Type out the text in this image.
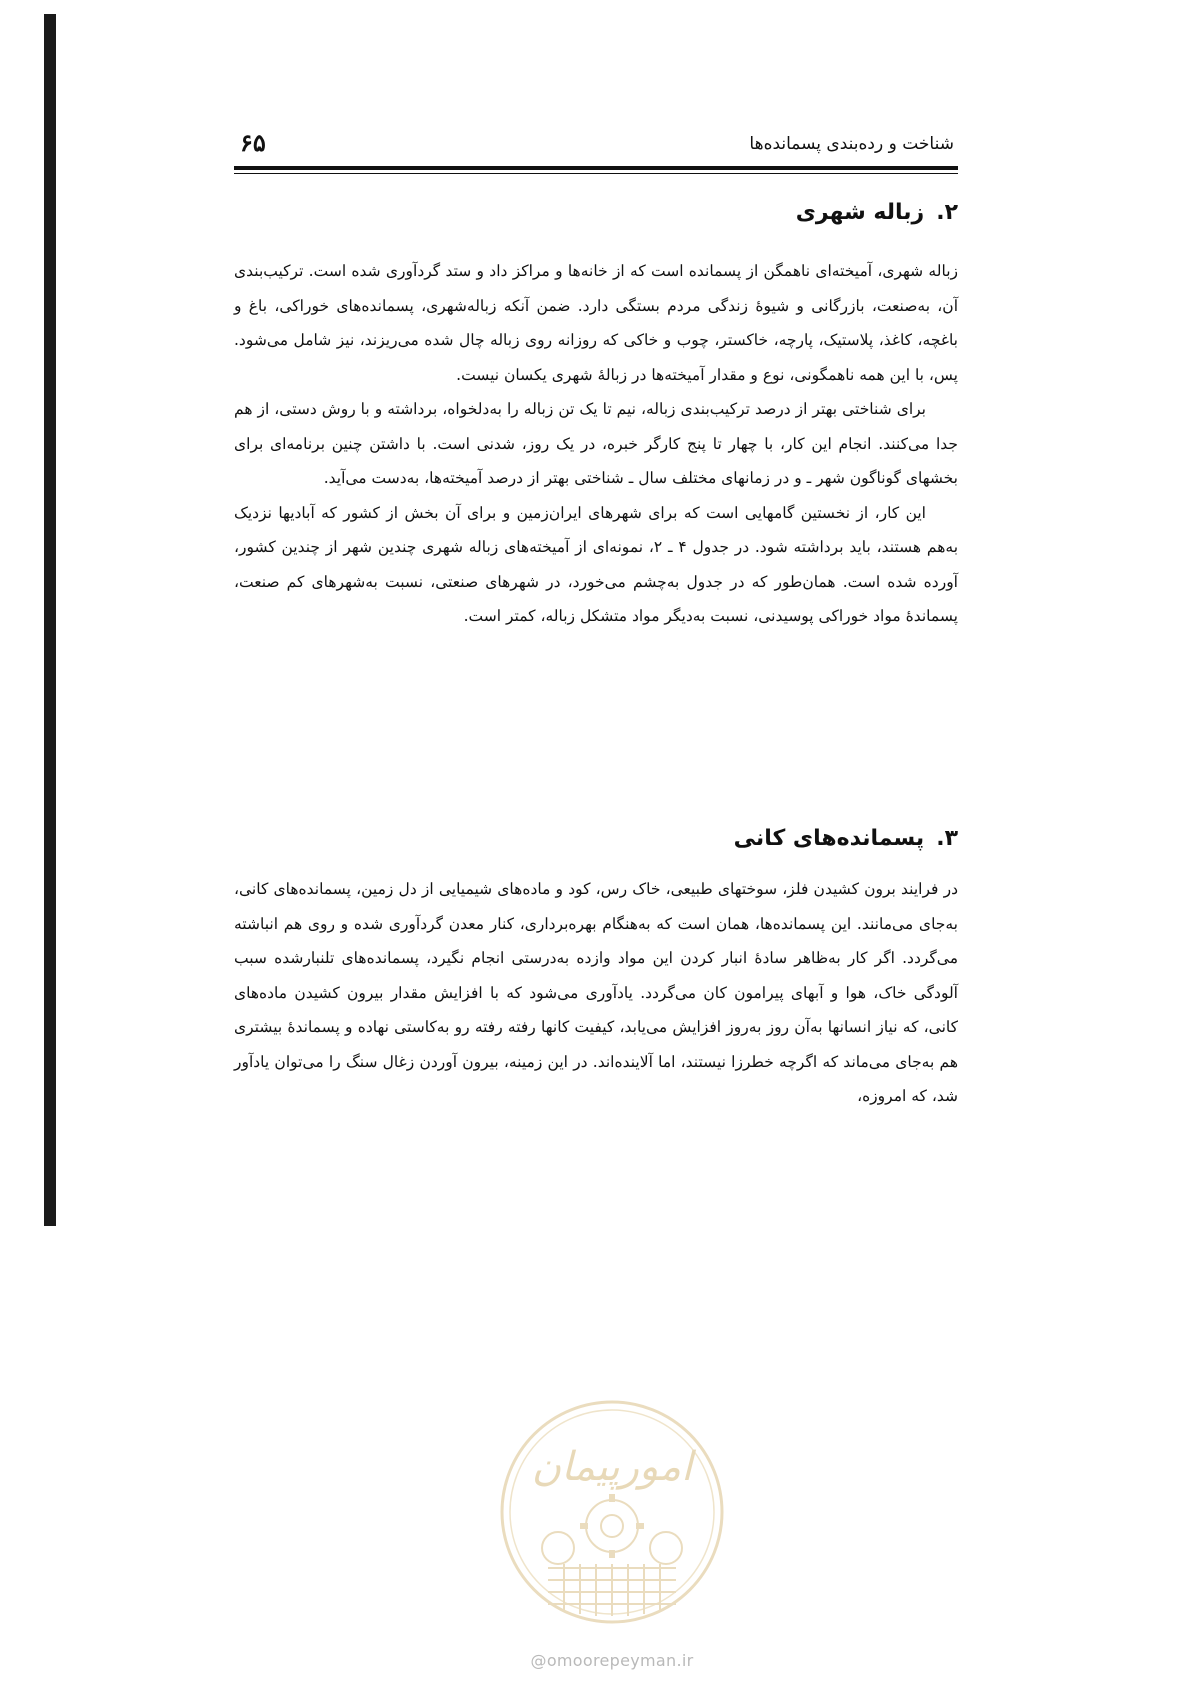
۶۵	شناخت و رده‌بندی پسمانده‌ها
۲.زباله شهری

زباله شهری، آمیخته‌ای ناهمگن از پسمانده است که از خانه‌ها و مراکز داد و ستد گردآوری شده است. ترکیب‌بندی آن، به‌صنعت، بازرگانی و شیوهٔ زندگی مردم بستگی دارد. ضمن آنکه زباله‌شهری، پسمانده‌های خوراکی، باغ و باغچه، کاغذ، پلاستیک، پارچه، خاکستر، چوب و خاکی که روزانه روی زباله چال شده می‌ریزند، نیز شامل می‌شود. پس، با این همه ناهمگونی، نوع و مقدار آمیخته‌ها در زبالهٔ شهری یکسان نیست.

برای شناختی بهتر از درصد ترکیب‌بندی زباله، نیم تا یک تن زباله را به‌دلخواه، برداشته و با روش دستی، از هم جدا می‌کنند. انجام این کار، با چهار تا پنج کارگر خبره، در یک روز، شدنی است. با داشتن چنین برنامه‌ای برای بخشهای گوناگون شهر ـ و در زمانهای مختلف سال ـ شناختی بهتر از درصد آمیخته‌ها، به‌دست می‌آید.

این کار، از نخستین گامهایی است که برای شهرهای ایران‌زمین و برای آن بخش از کشور که آبادیها نزدیک به‌هم هستند، باید برداشته شود. در جدول ۴ ـ ۲، نمونه‌ای از آمیخته‌های زباله شهری چندین شهر از چندین کشور، آورده شده است. همان‌طور که در جدول به‌چشم می‌خورد، در شهرهای صنعتی، نسبت به‌شهرهای کم صنعت، پسماندهٔ مواد خوراکی پوسیدنی، نسبت به‌دیگر مواد متشکل زباله، کمتر است.

۳.پسمانده‌های کانی

در فرایند برون کشیدن فلز، سوختهای طبیعی، خاک رس، کود و ماده‌های شیمیایی از دل زمین، پسمانده‌های کانی، به‌جای می‌مانند. این پسمانده‌ها، همان است که به‌هنگام بهره‌برداری، کنار معدن گردآوری شده و روی هم انباشته می‌گردد. اگر کار به‌ظاهر سادهٔ انبار کردن این مواد وازده به‌درستی انجام نگیرد، پسمانده‌های تلنبارشده سبب آلودگی خاک، هوا و آبهای پیرامون کان می‌گردد. یادآوری می‌شود که با افزایش مقدار بیرون کشیدن ماده‌های کانی، که نیاز انسانها به‌آن روز به‌روز افزایش می‌یابد، کیفیت کانها رفته رفته رو به‌کاستی نهاده و پسماندهٔ بیشتری هم به‌جای می‌ماند که اگرچه خطرزا نیستند، اما آلاینده‌اند. در این زمینه، بیرون آوردن زغال سنگ را می‌توان یادآور شد، که امروزه،

امورپیمان
@omoorepeyman.ir
